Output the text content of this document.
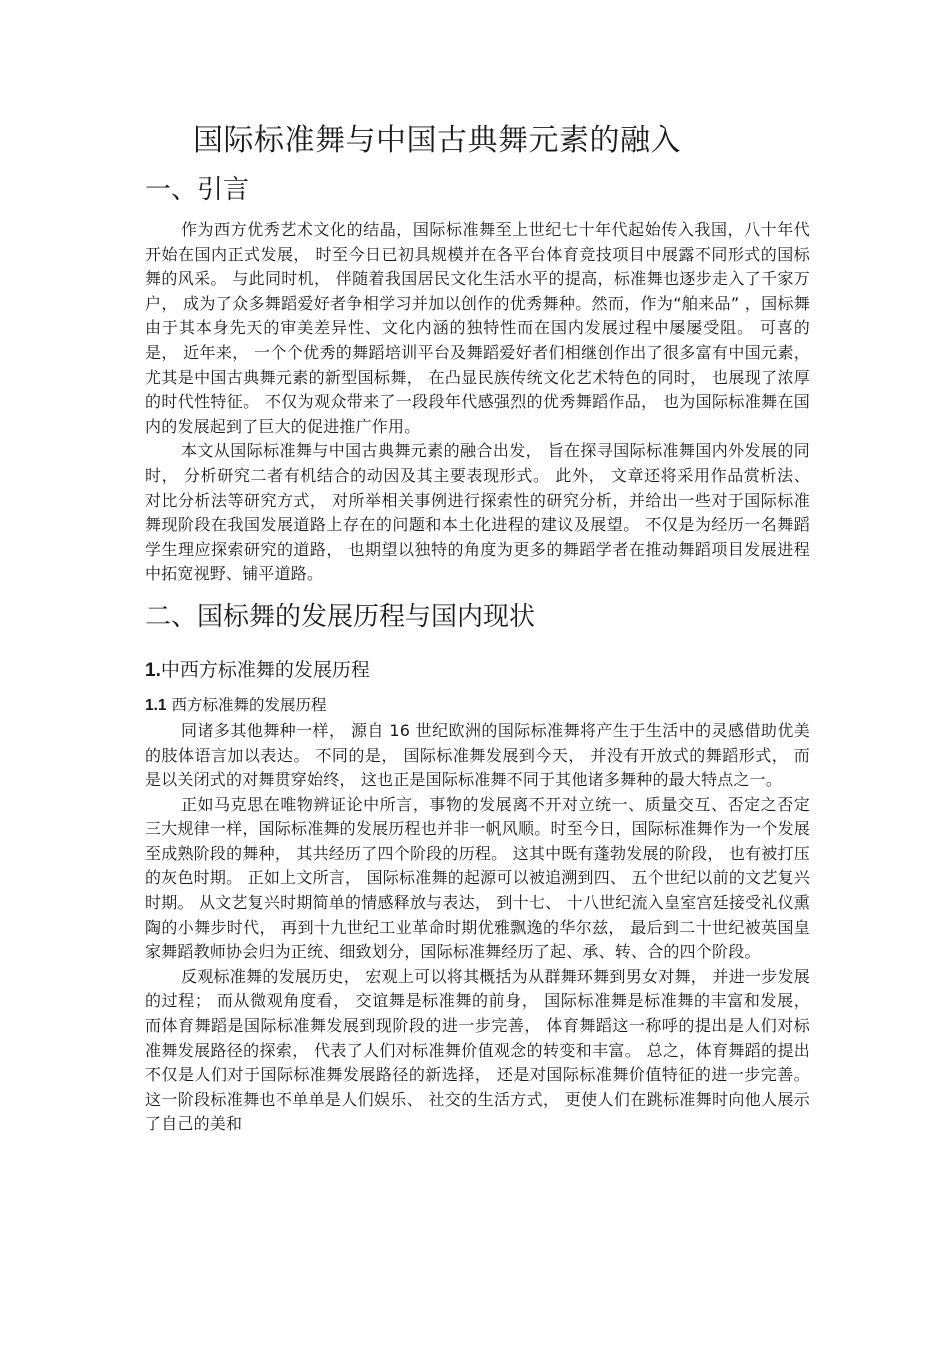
国际标准舞与中国古典舞元素的融入
一、引言

作为西方优秀艺术文化的结晶，国际标准舞至上世纪七十年代起始传入我国，八十年代开始在国内正式发展， 时至今日已初具规模并在各平台体育竞技项目中展露不同形式的国标舞的风采。 与此同时机， 伴随着我国居民文化生活水平的提高，标准舞也逐步走入了千家万户， 成为了众多舞蹈爱好者争相学习并加以创作的优秀舞种。然而，作为“舶来品” ，国标舞由于其本身先天的审美差异性、文化内涵的独特性而在国内发展过程中屡屡受阻。 可喜的是， 近年来， 一个个优秀的舞蹈培训平台及舞蹈爱好者们相继创作出了很多富有中国元素， 尤其是中国古典舞元素的新型国标舞， 在凸显民族传统文化艺术特色的同时， 也展现了浓厚的时代性特征。 不仅为观众带来了一段段年代感强烈的优秀舞蹈作品， 也为国际标准舞在国内的发展起到了巨大的促进推广作用。

本文从国际标准舞与中国古典舞元素的融合出发， 旨在探寻国际标准舞国内外发展的同时， 分析研究二者有机结合的动因及其主要表现形式。 此外， 文章还将采用作品赏析法、 对比分析法等研究方式， 对所举相关事例进行探索性的研究分析，并给出一些对于国际标准舞现阶段在我国发展道路上存在的问题和本土化进程的建议及展望。 不仅是为经历一名舞蹈学生理应探索研究的道路， 也期望以独特的角度为更多的舞蹈学者在推动舞蹈项目发展进程中拓宽视野、铺平道路。

二、国标舞的发展历程与国内现状
1.中西方标准舞的发展历程
1.1 西方标准舞的发展历程

同诸多其他舞种一样， 源自 16 世纪欧洲的国际标准舞将产生于生活中的灵感借助优美的肢体语言加以表达。 不同的是， 国际标准舞发展到今天， 并没有开放式的舞蹈形式， 而是以关闭式的对舞贯穿始终， 这也正是国际标准舞不同于其他诸多舞种的最大特点之一。

正如马克思在唯物辨证论中所言，事物的发展离不开对立统一、质量交互、否定之否定三大规律一样，国际标准舞的发展历程也并非一帆风顺。时至今日，国际标准舞作为一个发展至成熟阶段的舞种， 其共经历了四个阶段的历程。 这其中既有蓬勃发展的阶段， 也有被打压的灰色时期。 正如上文所言， 国际标准舞的起源可以被追溯到四、 五个世纪以前的文艺复兴时期。 从文艺复兴时期简单的情感释放与表达， 到十七、 十八世纪流入皇室宫廷接受礼仪熏陶的小舞步时代， 再到十九世纪工业革命时期优雅飘逸的华尔兹， 最后到二十世纪被英国皇家舞蹈教师协会归为正统、细致划分，国际标准舞经历了起、承、转、合的四个阶段。

反观标准舞的发展历史， 宏观上可以将其概括为从群舞环舞到男女对舞， 并进一步发展的过程； 而从微观角度看， 交谊舞是标准舞的前身， 国际标准舞是标准舞的丰富和发展， 而体育舞蹈是国际标准舞发展到现阶段的进一步完善， 体育舞蹈这一称呼的提出是人们对标准舞发展路径的探索， 代表了人们对标准舞价值观念的转变和丰富。 总之，体育舞蹈的提出不仅是人们对于国际标准舞发展路径的新选择， 还是对国际标准舞价值特征的进一步完善。 这一阶段标准舞也不单单是人们娱乐、 社交的生活方式， 更使人们在跳标准舞时向他人展示了自己的美和
